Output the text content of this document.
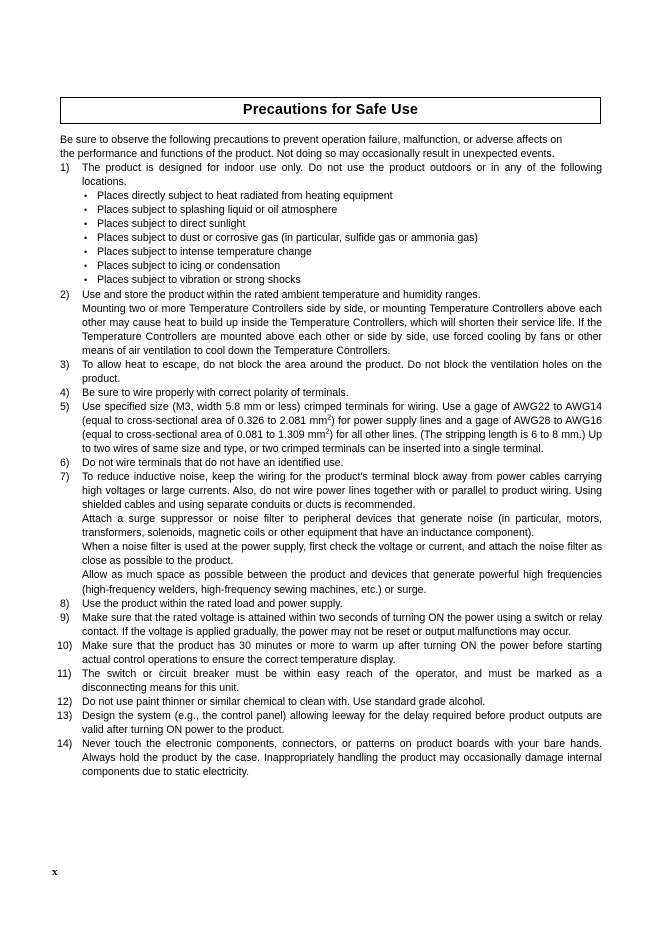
Precautions for Safe Use
Be sure to observe the following precautions to prevent operation failure, malfunction, or adverse affects on
the performance and functions of the product. Not doing so may occasionally result in unexpected events.
1)	The product is designed for indoor use only. Do not use the product outdoors or in any of the following locations.
• Places directly subject to heat radiated from heating equipment
• Places subject to splashing liquid or oil atmosphere
• Places subject to direct sunlight
• Places subject to dust or corrosive gas (in particular, sulfide gas or ammonia gas)
• Places subject to intense temperature change
• Places subject to icing or condensation
• Places subject to vibration or strong shocks
2)	Use and store the product within the rated ambient temperature and humidity ranges.
Mounting two or more Temperature Controllers side by side, or mounting Temperature Controllers above each other may cause heat to build up inside the Temperature Controllers, which will shorten their service life. If the Temperature Controllers are mounted above each other or side by side, use forced cooling by fans or other means of air ventilation to cool down the Temperature Controllers.
3)	To allow heat to escape, do not block the area around the product. Do not block the ventilation holes on the product.
4)	Be sure to wire properly with correct polarity of terminals.
5)	Use specified size (M3, width 5.8 mm or less) crimped terminals for wiring. Use a gage of AWG22 to AWG14 (equal to cross-sectional area of 0.326 to 2.081 $mm^2$) for power supply lines and a gage of AWG28 to AWG16 (equal to cross-sectional area of 0.081 to 1.309 $mm^2$) for all other lines. (The stripping length is 6 to 8 mm.) Up to two wires of same size and type, or two crimped terminals can be inserted into a single terminal.
6)	Do not wire terminals that do not have an identified use.
7)	To reduce inductive noise, keep the wiring for the product's terminal block away from power cables carrying high voltages or large currents. Also, do not wire power lines together with or parallel to product wiring. Using shielded cables and using separate conduits or ducts is recommended.
Attach a surge suppressor or noise filter to peripheral devices that generate noise (in particular, motors, transformers, solenoids, magnetic coils or other equipment that have an inductance component).
When a noise filter is used at the power supply, first check the voltage or current, and attach the noise filter as close as possible to the product.
Allow as much space as possible between the product and devices that generate powerful high frequencies (high-frequency welders, high-frequency sewing machines, etc.) or surge.
8)	Use the product within the rated load and power supply.
9)	Make sure that the rated voltage is attained within two seconds of turning ON the power using a switch or relay contact. If the voltage is applied gradually, the power may not be reset or output malfunctions may occur.
10) Make sure that the product has 30 minutes or more to warm up after turning ON the power before starting actual control operations to ensure the correct temperature display.
11) The switch or circuit breaker must be within easy reach of the operator, and must be marked as a disconnecting means for this unit.
12) Do not use paint thinner or similar chemical to clean with. Use standard grade alcohol.
13) Design the system (e.g., the control panel) allowing leeway for the delay required before product outputs are valid after turning ON power to the product.
14) Never touch the electronic components, connectors, or patterns on product boards with your bare hands. Always hold the product by the case. Inappropriately handling the product may occasionally damage internal components due to static electricity.
x
